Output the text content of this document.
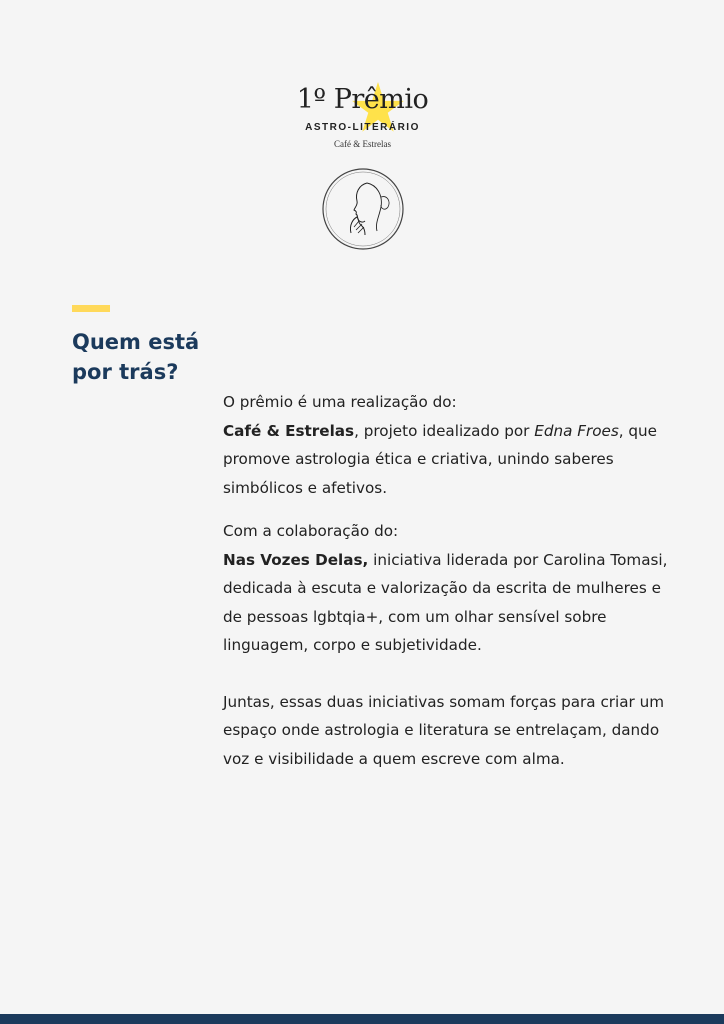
1º Prêmio
ASTRO-LITERÁRIO
Café & Estrelas
Quem está
por trás?

O prêmio é uma realização do:

Café & Estrelas, projeto idealizado por Edna Froes, que promove astrologia ética e criativa, unindo saberes simbólicos e afetivos.

Com a colaboração do:

Nas Vozes Delas, iniciativa liderada por Carolina Tomasi, dedicada à escuta e valorização da escrita de mulheres e de pessoas lgbtqia+, com um olhar sensível sobre linguagem, corpo e subjetividade.

Juntas, essas duas iniciativas somam forças para criar um espaço onde astrologia e literatura se entrelaçam, dando voz e visibilidade a quem escreve com alma.
